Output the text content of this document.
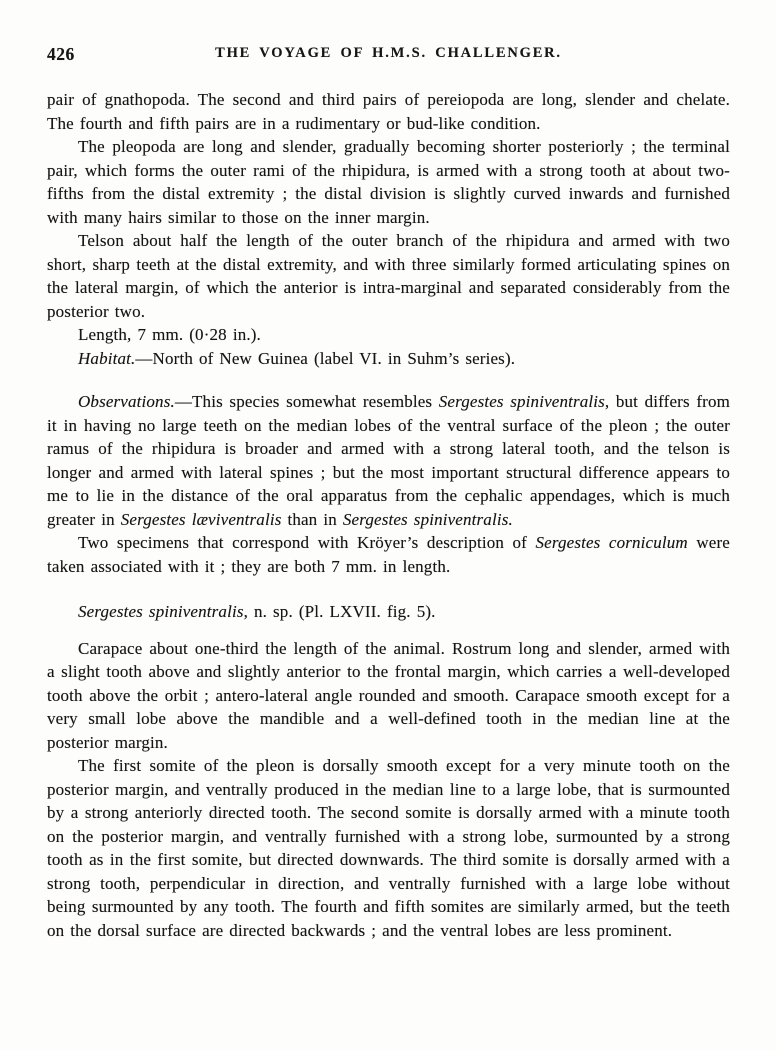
426	THE VOYAGE OF H.M.S. CHALLENGER.

pair of gnathopoda. The second and third pairs of pereiopoda are long, slender and chelate. The fourth and fifth pairs are in a rudimentary or bud-like condition.

The pleopoda are long and slender, gradually becoming shorter posteriorly ; the terminal pair, which forms the outer rami of the rhipidura, is armed with a strong tooth at about two-fifths from the distal extremity ; the distal division is slightly curved inwards and furnished with many hairs similar to those on the inner margin.

Telson about half the length of the outer branch of the rhipidura and armed with two short, sharp teeth at the distal extremity, and with three similarly formed articulating spines on the lateral margin, of which the anterior is intra-marginal and separated considerably from the posterior two.

Length, 7 mm. (0·28 in.).

Habitat.—North of New Guinea (label VI. in Suhm’s series).

Observations.—This species somewhat resembles Sergestes spiniventralis, but differs from it in having no large teeth on the median lobes of the ventral surface of the pleon ; the outer ramus of the rhipidura is broader and armed with a strong lateral tooth, and the telson is longer and armed with lateral spines ; but the most important structural difference appears to me to lie in the distance of the oral apparatus from the cephalic appendages, which is much greater in Sergestes læviventralis than in Sergestes spiniventralis.

Two specimens that correspond with Kröyer’s description of Sergestes corniculum were taken associated with it ; they are both 7 mm. in length.

Sergestes spiniventralis, n. sp. (Pl. LXVII. fig. 5).

Carapace about one-third the length of the animal. Rostrum long and slender, armed with a slight tooth above and slightly anterior to the frontal margin, which carries a well-developed tooth above the orbit ; antero-lateral angle rounded and smooth. Carapace smooth except for a very small lobe above the mandible and a well-defined tooth in the median line at the posterior margin.

The first somite of the pleon is dorsally smooth except for a very minute tooth on the posterior margin, and ventrally produced in the median line to a large lobe, that is surmounted by a strong anteriorly directed tooth. The second somite is dorsally armed with a minute tooth on the posterior margin, and ventrally furnished with a strong lobe, surmounted by a strong tooth as in the first somite, but directed downwards. The third somite is dorsally armed with a strong tooth, perpendicular in direction, and ventrally furnished with a large lobe without being surmounted by any tooth. The fourth and fifth somites are similarly armed, but the teeth on the dorsal surface are directed backwards ; and the ventral lobes are less prominent.
